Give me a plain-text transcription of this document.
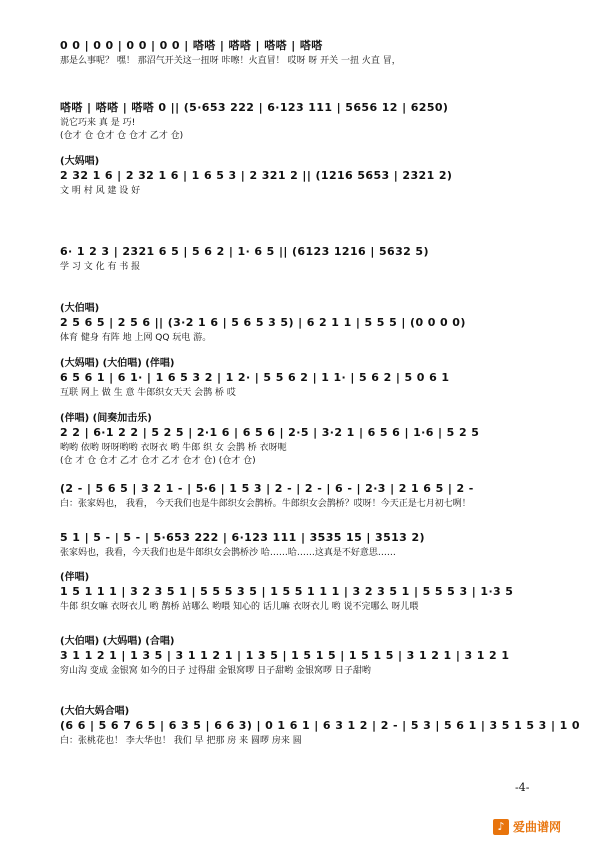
0 0 | 0 0 | 0 0 | 0 0 | 嗒嗒 | 嗒嗒 | 嗒嗒 | 嗒嗒
那是么事呢？ 嘿！ 那沼气开关这一扭呀 咔嚓！火直冒！ 哎呀 呀 开关 一扭 火直 冒，
嗒嗒 | 嗒嗒 | 嗒嗒 0 || (5·653 222 | 6·123 111 | 5656 12 | 6250)
说它巧来 真 是 巧!
(仓才 仓 仓才 仓 仓才 乙才 仓)
(大妈唱)
2 32 1 6 | 2 32 1 6 | 1 6 5 3 | 2 321 2 || (1216 5653 | 2321 2)
文 明 村 风 建 设 好
6· 1 2 3 | 2321 6 5 | 5 6 2 | 1· 6 5 || (6123 1216 | 5632 5)
学 习 文 化 有 书 报
(大伯唱)
2 5 6 5 | 2 5 6 || (3·2 1 6 | 5 6 5 3 5) | 6 2 1 1 | 5 5 5 | (0 0 0 0)
体育 健身 有阵 地 上网 QQ 玩电 游。
(大妈唱) (大伯唱) (伴唱)
6 5 6 1 | 6 1· | 1 6 5 3 2 | 1 2· | 5 5 6 2 | 1 1· | 5 6 2 | 5 0 6 1
互联 网上 做 生 意 牛郎织女天天 会鹊 桥 哎
(伴唱) (间奏加击乐)
2 2 | 6·1 2 2 | 5 2 5 | 2·1 6 | 6 5 6 | 2·5 | 3·2 1 | 6 5 6 | 1·6 | 5 2 5
哟哟 依哟 呀呀哟哟 衣呀衣 哟 牛郎 织 女 会鹊 桥 衣呀呃
(仓 才 仓 仓才 乙才 仓才 乙才 仓才 仓) (仓才 仓)
(2 - | 5 6 5 | 3 2 1 - | 5·6 | 1 5 3 | 2 - | 2 - | 6 - | 2·3 | 2 1 6 5 | 2 -
白：张家妈也， 我看， 今天我们也是牛郎织女会鹊桥。牛郎织女会鹊桥？哎呀！今天正是七月初七咧！
5 1 | 5 - | 5 - | 5·653 222 | 6·123 111 | 3535 15 | 3513 2)
张家妈也，我看，今天我们也是牛郎织女会鹊桥沙 哈……哈……这真是不好意思……
(伴唱)
1 5 1 1 1 | 3 2 3 5 1 | 5 5 5 3 5 | 1 5 5 1 1 1 | 3 2 3 5 1 | 5 5 5 3 | 1·3 5
牛郎 织女嘛 衣呀衣儿 哟 鹊桥 站哪么 哟喂 知心的 话儿嘛 衣呀衣儿 哟 说不完哪么 呀儿喂
(大伯唱) (大妈唱) (合唱)
3 1 1 2 1 | 1 3 5 | 3 1 1 2 1 | 1 3 5 | 1 5 1 5 | 1 5 1 5 | 3 1 2 1 | 3 1 2 1
穷山沟 变成 金银窝 如今的日子 过得甜 金银窝啰 日子甜哟 金银窝啰 日子甜哟
(大伯大妈合唱)
(6 6 | 5 6 7 6 5 | 6 3 5 | 6 6 3) | 0 1 6 1 | 6 3 1 2 | 2 - | 5 3 | 5 6 1 | 3 5 1 5 3 | 1 0
白：张桃花也！ 李大华也！ 我们 早 把那 房 来 圆啰 房来 圆
-4-
♪ 爱曲谱网
